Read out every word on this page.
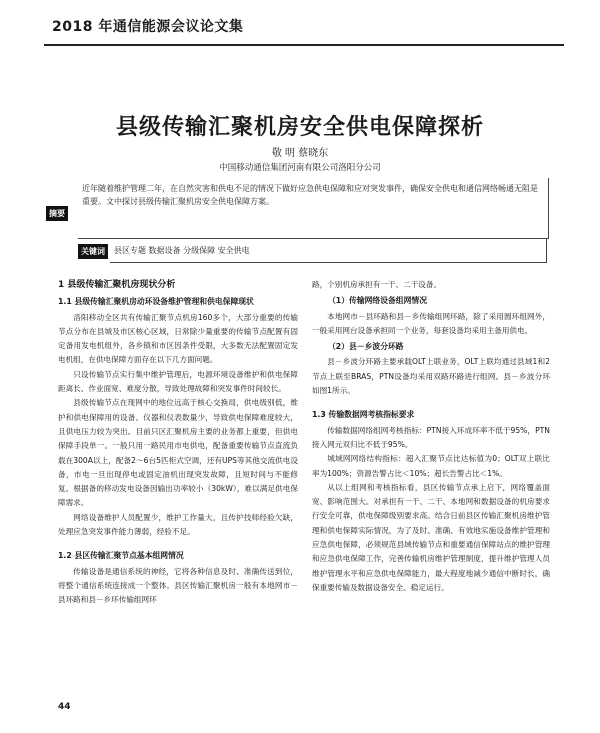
2018 年通信能源会议论文集
县级传输汇聚机房安全供电保障探析
敬 明 蔡晓东
中国移动通信集团河南有限公司洛阳分公司
摘要
近年随着维护管理二年，在自然灾害和供电不足的情况下做好应急供电保障和应对突发事件，确保安全供电和通信网络畅通无阻是重要。文中探讨县级传输汇聚机房安全供电保障方案。
关键词	县区专题 数据设备 分级保障 安全供电
1 县级传输汇聚机房现状分析
1.1 县级传输汇聚机房动环设备维护管理和供电保障现状

洛阳移动全区共有传输汇聚节点机房160多个，大部分重要的传输节点分布在县城及市区核心区域，日常除少量重要的传输节点配置有固定备用发电机组外，各乡镇和市区因条件受限，大多数无法配置固定发电机组，在供电保障方面存在以下几方面问题。

只设传输节点实行集中维护管理后，电源环境设备维护和供电保障距离长、作业面宽、难度分散，导致处理故障和突发事件时间较长。

县级传输节点在现网中的地位远高于核心交换局，供电级别低，维护和供电保障用的设备、仪器和仪表数量少，导致供电保障难度较大，且供电压力较为突出。目前只区汇聚机房主要的业务都上重要，但供电保障手段单一。一般只用一路民用市电供电，配备重要传输节点直流负载在300A以上，配备2～6台5匹柜式空调，还有UPS等其他交流供电设备，市电一旦出现停电或固定油机出现突发故障，且短时间与不能修复。根据备的移动发电设备因输出功率较小（30kW），难以满足供电保障需求。

网络设备维护人员配置少，维护工作量大，且传护技师经验欠缺，处理应急突发事件能力薄弱，经验不足。

1.2 县区传输汇聚节点基本组网情况

传输设备是通信系统的神经，它将各种信息及时、准确传送到位，将整个通信系统连接成一个整体。县区传输汇聚机房一般有本地网市－县环路和县－乡环传输组网环

路，个别机房承担有一干、二干设备。

（1）传输网络设备组网情况

本地网市－县环路和县－乡传输组网环路，除了采用圆环组网外，一般采用网台设备承担同一个业务，每套设备均采用主备用供电。

（2）县－乡波分环路

县－乡波分环路主要承载OLT上联业务，OLT上联均通过县域1和2节点上联至BRAS，PTN设备均采用双路环路进行组网。县－乡波分环如图1所示。

1.3 传输数据网考核指标要求

传输数据网络组网考核指标：PTN接入环成环率不低于95%，PTN接入网元双归比不低于95%。

城域网网络结构指标：超入汇聚节点比达标值为0；OLT双上联比率为100%；资源告警占比＜10%；超长告警占比＜1%。

从以上组网和考核指标看，县区传输节点承上启下，网络覆盖面宽、影响范围大。对承担有一干、二干、本地网和数据设备的机房要求行安全可靠，供电保障级别要求高。结合日前县区传输汇聚机房维护管理和供电保障实际情况，为了及时、准确、有效地实施设备维护管理和应急供电保障，必须规范县域传输节点和重要通信保障站点的维护管理和应急供电保障工作，完善传输机房维护管理制度，提升维护管理人员维护管理水平和应急供电保障能力，最大程度地减少通信中断时长，确保重要传输及数据设备安全、稳定运行。

44
